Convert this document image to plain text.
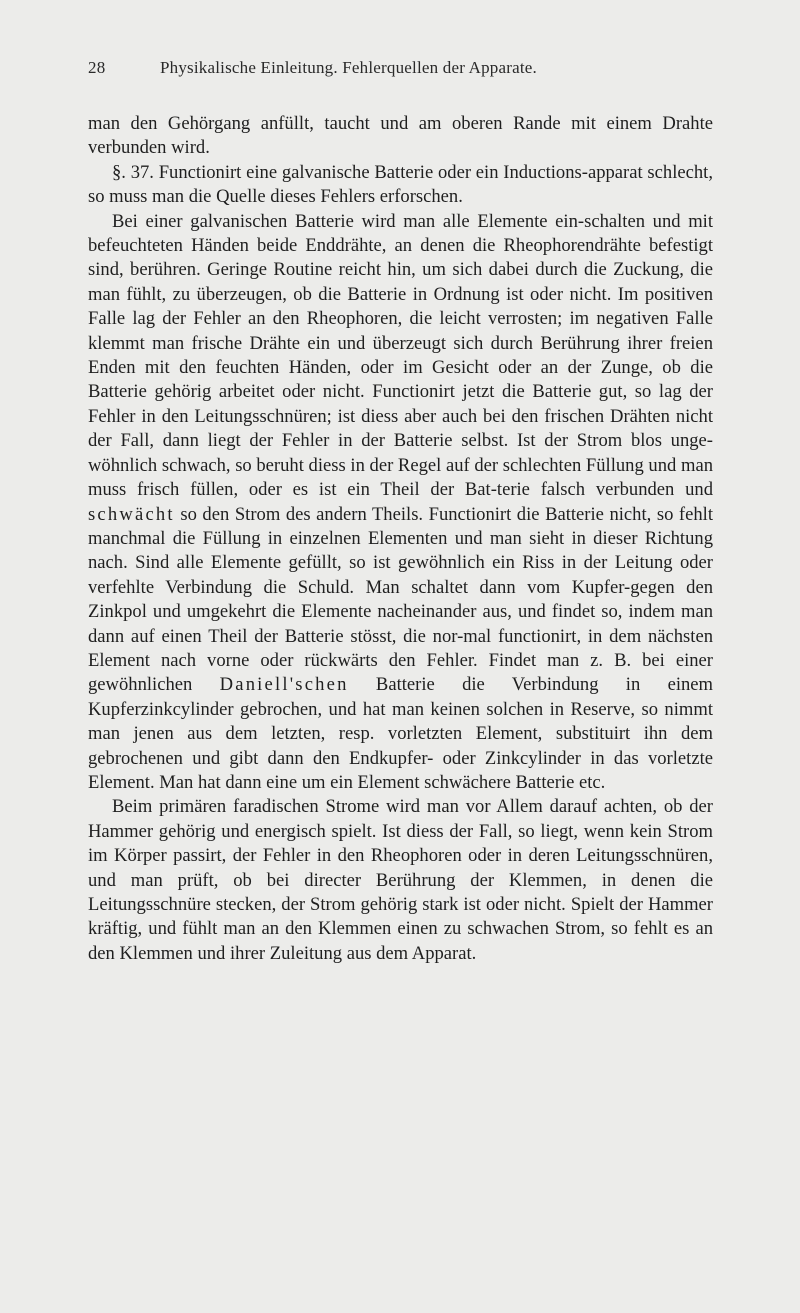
28	Physikalische Einleitung. Fehlerquellen der Apparate.

man den Gehörgang anfüllt, taucht und am oberen Rande mit einem Drahte verbunden wird.

§. 37. Functionirt eine galvanische Batterie oder ein Inductions-apparat schlecht, so muss man die Quelle dieses Fehlers erforschen.

Bei einer galvanischen Batterie wird man alle Elemente ein-schalten und mit befeuchteten Händen beide Enddrähte, an denen die Rheophorendrähte befestigt sind, berühren. Geringe Routine reicht hin, um sich dabei durch die Zuckung, die man fühlt, zu überzeugen, ob die Batterie in Ordnung ist oder nicht. Im positiven Falle lag der Fehler an den Rheophoren, die leicht verrosten; im negativen Falle klemmt man frische Drähte ein und überzeugt sich durch Berührung ihrer freien Enden mit den feuchten Händen, oder im Gesicht oder an der Zunge, ob die Batterie gehörig arbeitet oder nicht. Functionirt jetzt die Batterie gut, so lag der Fehler in den Leitungsschnüren; ist diess aber auch bei den frischen Drähten nicht der Fall, dann liegt der Fehler in der Batterie selbst. Ist der Strom blos unge-wöhnlich schwach, so beruht diess in der Regel auf der schlechten Füllung und man muss frisch füllen, oder es ist ein Theil der Bat-terie falsch verbunden und schwächt so den Strom des andern Theils. Functionirt die Batterie nicht, so fehlt manchmal die Füllung in einzelnen Elementen und man sieht in dieser Richtung nach. Sind alle Elemente gefüllt, so ist gewöhnlich ein Riss in der Leitung oder verfehlte Verbindung die Schuld. Man schaltet dann vom Kupfer-gegen den Zinkpol und umgekehrt die Elemente nacheinander aus, und findet so, indem man dann auf einen Theil der Batterie stösst, die nor-mal functionirt, in dem nächsten Element nach vorne oder rückwärts den Fehler. Findet man z. B. bei einer gewöhnlichen Daniell'schen Batterie die Verbindung in einem Kupferzinkcylinder gebrochen, und hat man keinen solchen in Reserve, so nimmt man jenen aus dem letzten, resp. vorletzten Element, substituirt ihn dem gebrochenen und gibt dann den Endkupfer- oder Zinkcylinder in das vorletzte Element. Man hat dann eine um ein Element schwächere Batterie etc.

Beim primären faradischen Strome wird man vor Allem darauf achten, ob der Hammer gehörig und energisch spielt. Ist diess der Fall, so liegt, wenn kein Strom im Körper passirt, der Fehler in den Rheophoren oder in deren Leitungsschnüren, und man prüft, ob bei directer Berührung der Klemmen, in denen die Leitungsschnüre stecken, der Strom gehörig stark ist oder nicht. Spielt der Hammer kräftig, und fühlt man an den Klemmen einen zu schwachen Strom, so fehlt es an den Klemmen und ihrer Zuleitung aus dem Apparat.
